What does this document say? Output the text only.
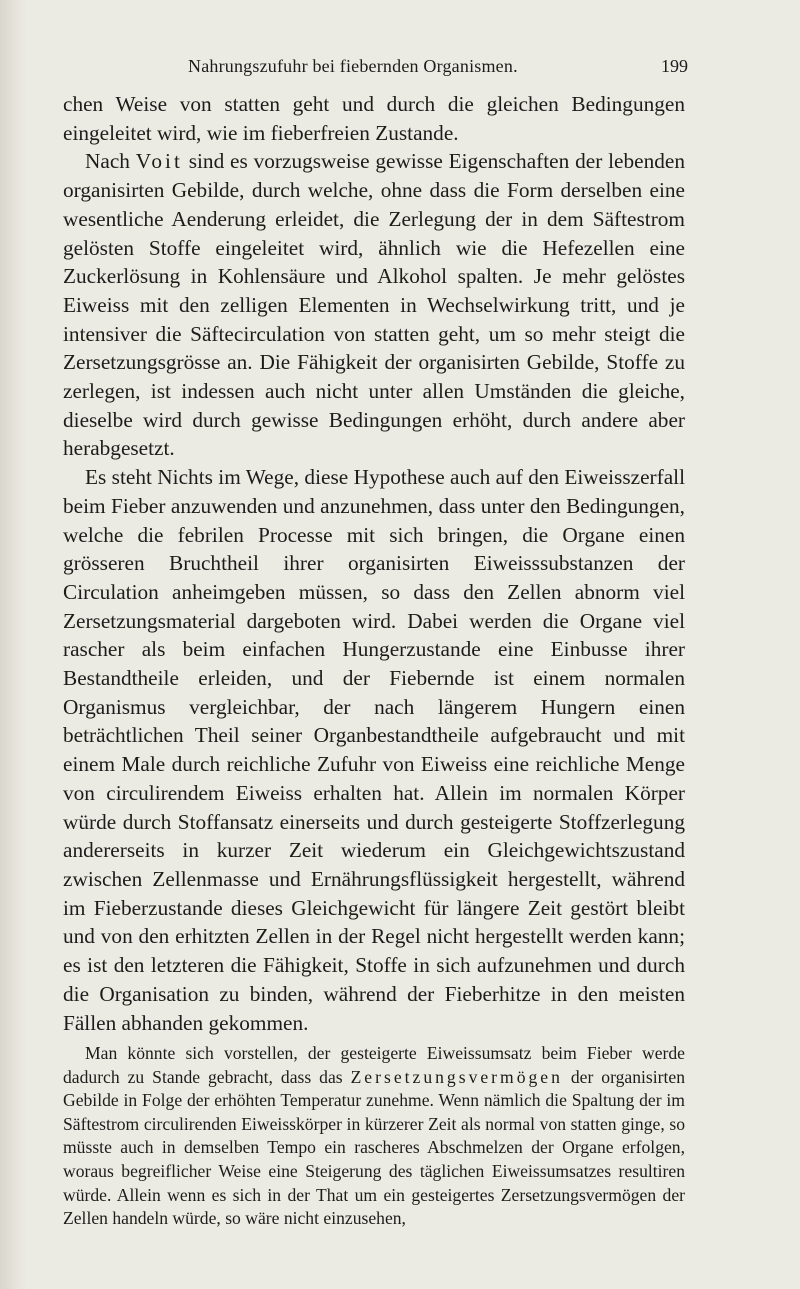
Nahrungszufuhr bei fiebernden Organismen.	199

chen Weise von statten geht und durch die gleichen Bedingungen eingeleitet wird, wie im fieberfreien Zustande.

Nach Voit sind es vorzugsweise gewisse Eigenschaften der lebenden organisirten Gebilde, durch welche, ohne dass die Form derselben eine wesentliche Aenderung erleidet, die Zerlegung der in dem Säftestrom gelösten Stoffe eingeleitet wird, ähnlich wie die Hefezellen eine Zuckerlösung in Kohlensäure und Alkohol spalten. Je mehr gelöstes Eiweiss mit den zelligen Elementen in Wechselwirkung tritt, und je intensiver die Säftecirculation von statten geht, um so mehr steigt die Zersetzungsgrösse an. Die Fähigkeit der organisirten Gebilde, Stoffe zu zerlegen, ist indessen auch nicht unter allen Umständen die gleiche, dieselbe wird durch gewisse Bedingungen erhöht, durch andere aber herabgesetzt.

Es steht Nichts im Wege, diese Hypothese auch auf den Eiweisszerfall beim Fieber anzuwenden und anzunehmen, dass unter den Bedingungen, welche die febrilen Processe mit sich bringen, die Organe einen grösseren Bruchtheil ihrer organisirten Eiweisssubstanzen der Circulation anheimgeben müssen, so dass den Zellen abnorm viel Zersetzungsmaterial dargeboten wird. Dabei werden die Organe viel rascher als beim einfachen Hungerzustande eine Einbusse ihrer Bestandtheile erleiden, und der Fiebernde ist einem normalen Organismus vergleichbar, der nach längerem Hungern einen beträchtlichen Theil seiner Organbestandtheile aufgebraucht und mit einem Male durch reichliche Zufuhr von Eiweiss eine reichliche Menge von circulirendem Eiweiss erhalten hat. Allein im normalen Körper würde durch Stoffansatz einerseits und durch gesteigerte Stoffzerlegung andererseits in kurzer Zeit wiederum ein Gleichgewichtszustand zwischen Zellenmasse und Ernährungsflüssigkeit hergestellt, während im Fieberzustande dieses Gleichgewicht für längere Zeit gestört bleibt und von den erhitzten Zellen in der Regel nicht hergestellt werden kann; es ist den letzteren die Fähigkeit, Stoffe in sich aufzunehmen und durch die Organisation zu binden, während der Fieberhitze in den meisten Fällen abhanden gekommen.

Man könnte sich vorstellen, der gesteigerte Eiweissumsatz beim Fieber werde dadurch zu Stande gebracht, dass das Zersetzungsvermögen der organisirten Gebilde in Folge der erhöhten Temperatur zunehme. Wenn nämlich die Spaltung der im Säftestrom circulirenden Eiweisskörper in kürzerer Zeit als normal von statten ginge, so müsste auch in demselben Tempo ein rascheres Abschmelzen der Organe erfolgen, woraus begreiflicher Weise eine Steigerung des täglichen Eiweissumsatzes resultiren würde. Allein wenn es sich in der That um ein gesteigertes Zersetzungsvermögen der Zellen handeln würde, so wäre nicht einzusehen,
